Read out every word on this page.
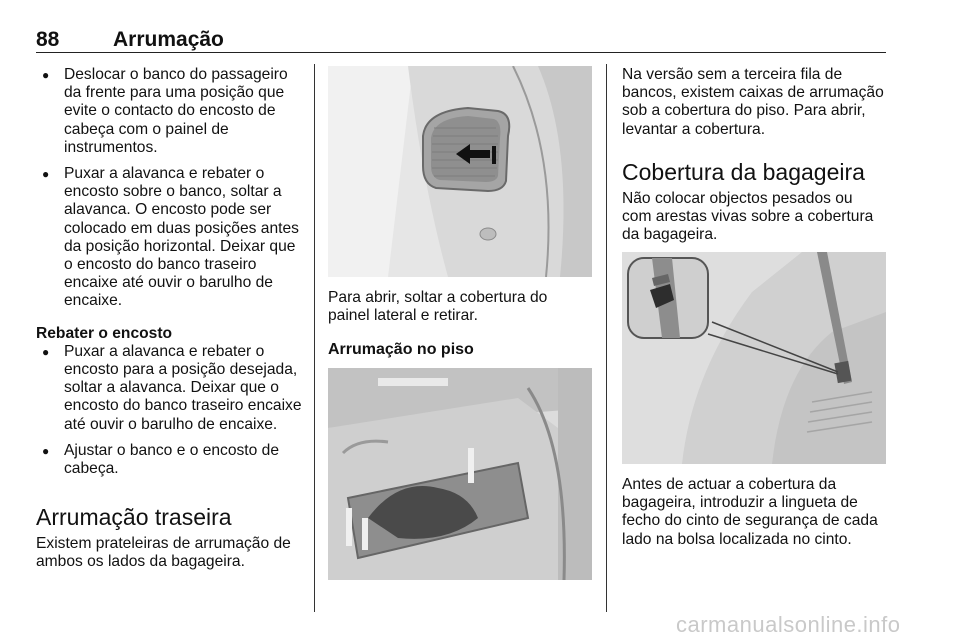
88	Arrumação
● Deslocar o banco do passageiro da frente para uma posição que evite o contacto do encosto de cabeça com o painel de instrumentos.
● Puxar a alavanca e rebater o encosto sobre o banco, soltar a alavanca. O encosto pode ser colocado em duas posições antes da posição horizontal. Deixar que o encosto do banco traseiro encaixe até ouvir o barulho de encaixe.
Rebater o encosto
● Puxar a alavanca e rebater o encosto para a posição desejada, soltar a alavanca. Deixar que o encosto do banco traseiro encaixe até ouvir o barulho de encaixe.
● Ajustar o banco e o encosto de cabeça.
Arrumação traseira

Existem prateleiras de arrumação de ambos os lados da bagageira.

Para abrir, soltar a cobertura do painel lateral e retirar.

Arrumação no piso

Na versão sem a terceira fila de bancos, existem caixas de arrumação sob a cobertura do piso. Para abrir, levantar a cobertura.

Cobertura da bagageira

Não colocar objectos pesados ou com arestas vivas sobre a cobertura da bagageira.

Antes de actuar a cobertura da bagageira, introduzir a lingueta de fecho do cinto de segurança de cada lado na bolsa localizada no cinto.

carmanualsonline.info
